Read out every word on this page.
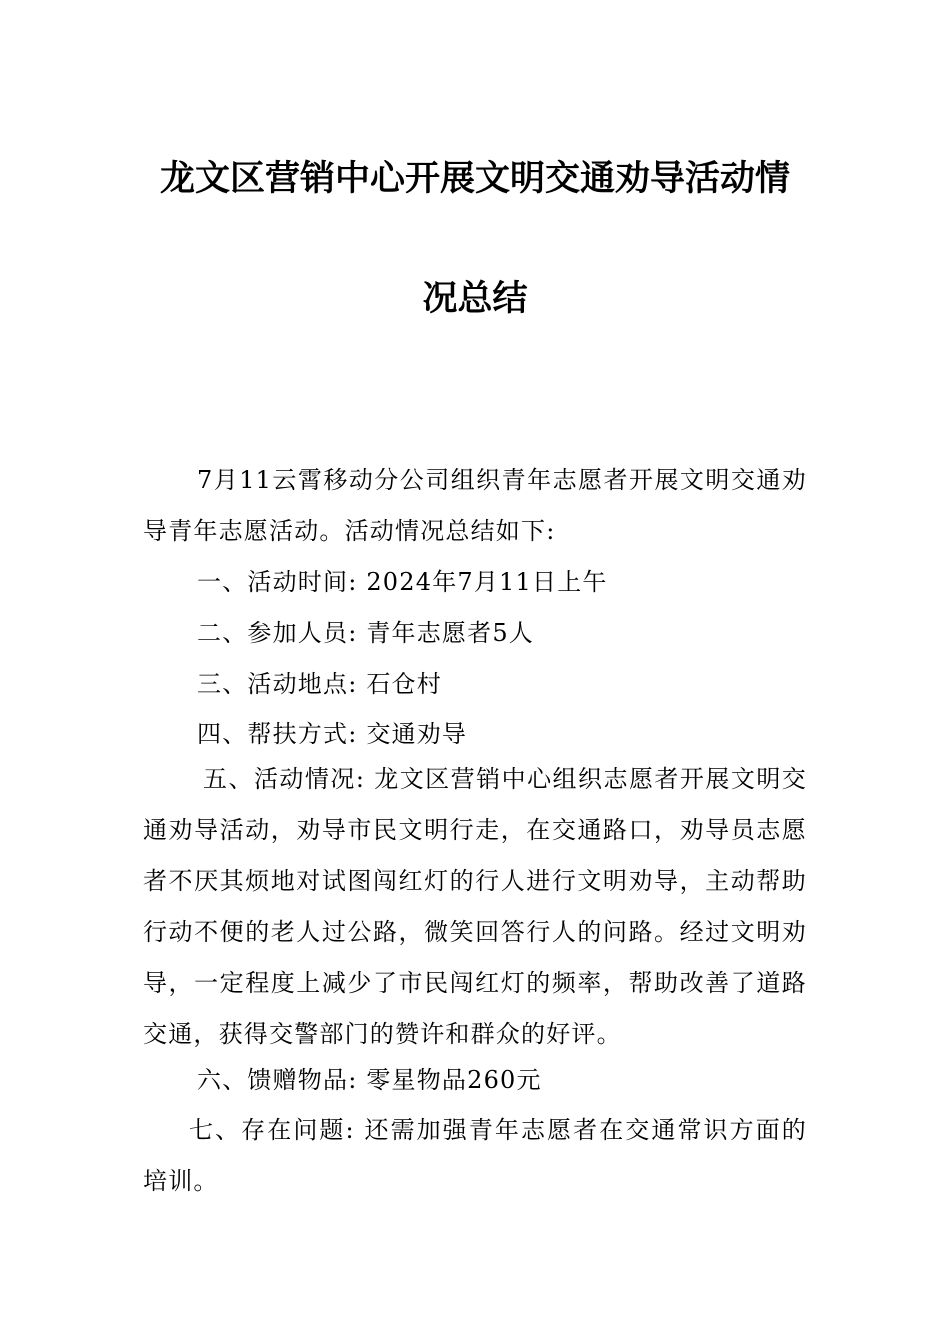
龙文区营销中心开展文明交通劝导活动情
况总结

7月11云霄移动分公司组织青年志愿者开展文明交通劝导青年志愿活动。活动情况总结如下:

一、活动时间: 2024年7月11日上午

二、参加人员: 青年志愿者5人

三、活动地点: 石仓村

四、帮扶方式: 交通劝导

五、活动情况: 龙文区营销中心组织志愿者开展文明交通劝导活动，劝导市民文明行走，在交通路口，劝导员志愿者不厌其烦地对试图闯红灯的行人进行文明劝导，主动帮助行动不便的老人过公路，微笑回答行人的问路。经过文明劝导，一定程度上减少了市民闯红灯的频率，帮助改善了道路交通，获得交警部门的赞许和群众的好评。

六、馈赠物品: 零星物品260元

七、存在问题: 还需加强青年志愿者在交通常识方面的培训。
